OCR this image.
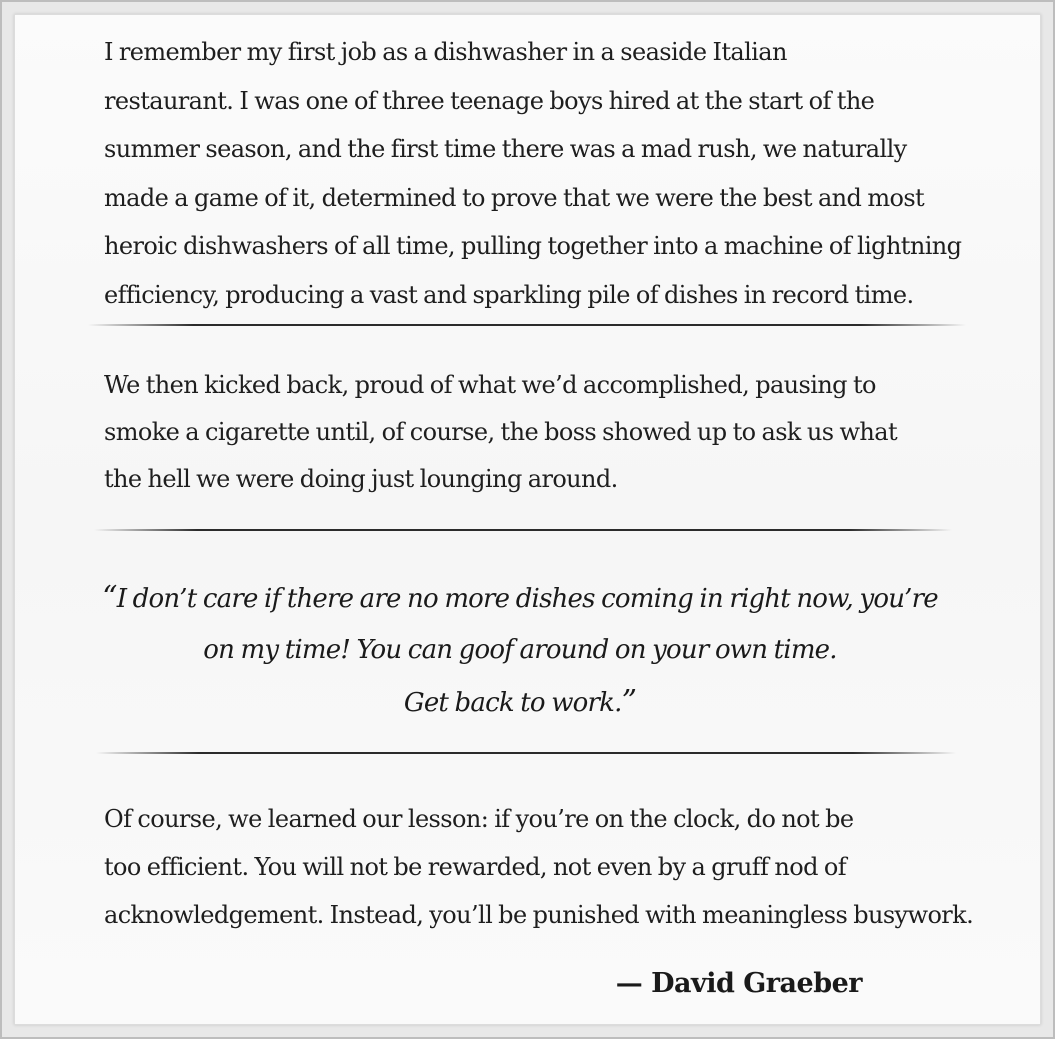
I remember my first job as a dishwasher in a seaside Italian
restaurant. I was one of three teenage boys hired at the start of the
summer season, and the first time there was a mad rush, we naturally
made a game of it, determined to prove that we were the best and most
heroic dishwashers of all time, pulling together into a machine of lightning
efficiency, producing a vast and sparkling pile of dishes in record time.
We then kicked back, proud of what we’d accomplished, pausing to
smoke a cigarette until, of course, the boss showed up to ask us what
the hell we were doing just lounging around.
“I don’t care if there are no more dishes coming in right now, you’re
on my time! You can goof around on your own time.
Get back to work.”
Of course, we learned our lesson: if you’re on the clock, do not be
too efficient. You will not be rewarded, not even by a gruff nod of
acknowledgement. Instead, you’ll be punished with meaningless busywork.
— David Graeber
